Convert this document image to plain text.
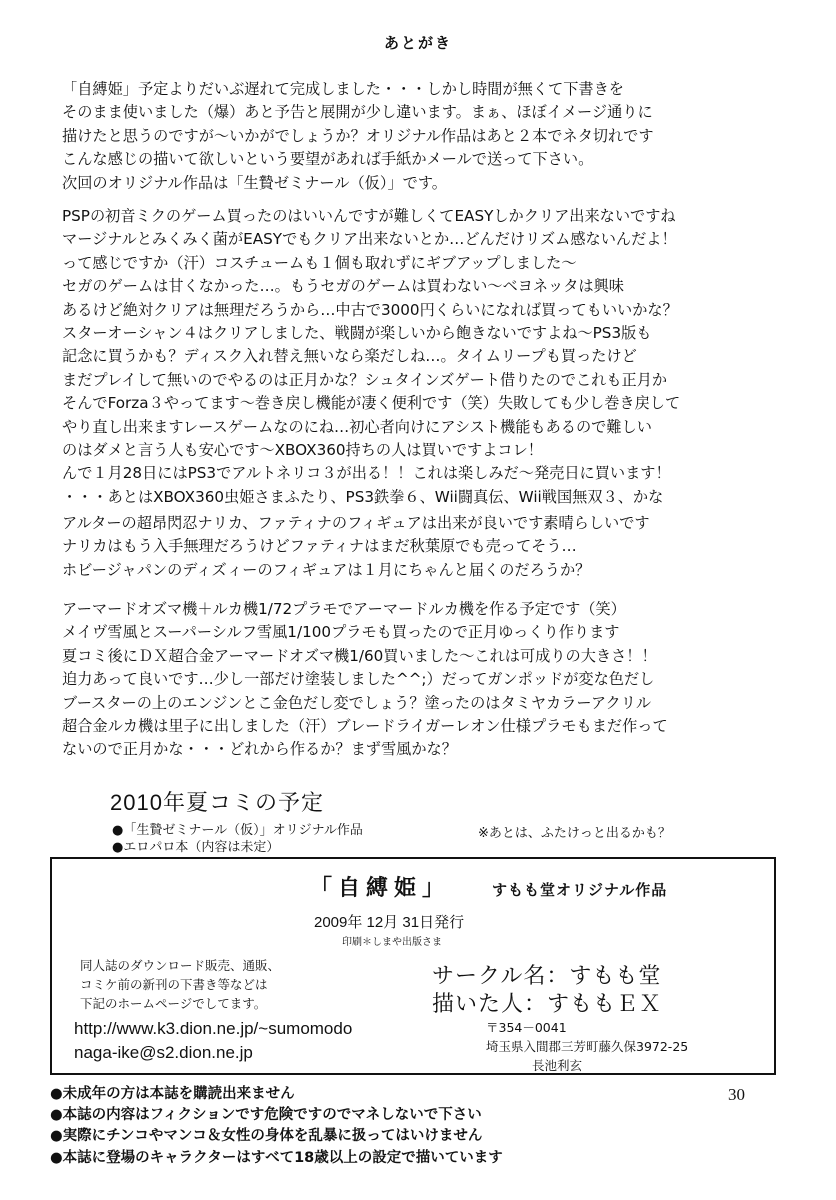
あとがき
「自縛姫」予定よりだいぶ遅れて完成しました・・・しかし時間が無くて下書きを
そのまま使いました（爆）あと予告と展開が少し違います。まぁ、ほぼイメージ通りに
描けたと思うのですが～いかがでしょうか？オリジナル作品はあと２本でネタ切れです
こんな感じの描いて欲しいという要望があれば手紙かメールで送って下さい。
次回のオリジナル作品は「生贄ゼミナール（仮）」です。
PSPの初音ミクのゲーム買ったのはいいんですが難しくてEASYしかクリア出来ないですね
マージナルとみくみく菌がEASYでもクリア出来ないとか…どんだけリズム感ないんだよ！
って感じですか（汗）コスチュームも１個も取れずにギブアップしました～
セガのゲームは甘くなかった…。もうセガのゲームは買わない～ベヨネッタは興味
あるけど絶対クリアは無理だろうから…中古で3000円くらいになれば買ってもいいかな？
スターオーシャン４はクリアしました、戦闘が楽しいから飽きないですよね～PS3版も
記念に買うかも？ディスク入れ替え無いなら楽だしね…。タイムリープも買ったけど
まだプレイして無いのでやるのは正月かな？シュタインズゲート借りたのでこれも正月か
そんでForza３やってます～巻き戻し機能が凄く便利です（笑）失敗しても少し巻き戻して
やり直し出来ますレースゲームなのにね…初心者向けにアシスト機能もあるので難しい
のはダメと言う人も安心です～XBOX360持ちの人は買いですよコレ！
んで１月28日にはPS3でアルトネリコ３が出る！！これは楽しみだ～発売日に買います！
・・・あとはXBOX360虫姫さまふたり、PS3鉄拳６、Wii闘真伝、Wii戦国無双３、かな
アルターの超昂閃忍ナリカ、ファティナのフィギュアは出来が良いです素晴らしいです
ナリカはもう入手無理だろうけどファティナはまだ秋葉原でも売ってそう…
ホビージャパンのディズィーのフィギュアは１月にちゃんと届くのだろうか？
アーマードオズマ機＋ルカ機1/72プラモでアーマードルカ機を作る予定です（笑）
メイヴ雪風とスーパーシルフ雪風1/100プラモも買ったので正月ゆっくり作ります
夏コミ後にＤＸ超合金アーマードオズマ機1/60買いました～これは可成りの大きさ！！
迫力あって良いです…少し一部だけ塗装しました^^;）だってガンポッドが変な色だし
ブースターの上のエンジンとこ金色だし変でしょう？塗ったのはタミヤカラーアクリル
超合金ルカ機は里子に出しました（汗）ブレードライガーレオン仕様プラモもまだ作って
ないので正月かな・・・どれから作るか？まず雪風かな？
2010年夏コミの予定
●「生贄ゼミナール（仮）」オリジナル作品
●エロパロ本（内容は未定）
※あとは、ふたけっと出るかも？
「自縛姫」	すもも堂オリジナル作品
2009年 12月 31日発行
印刷＊しまや出版さま
同人誌のダウンロード販売、通販、
コミケ前の新刊の下書き等などは
下記のホームページでしてます。
サークル名：すもも堂
描いた人：すももＥＸ
http://www.k3.dion.ne.jp/~sumomodo
naga-ike@s2.dion.ne.jp
〒354－0041
埼玉県入間郡三芳町藤久保3972-25
長池利玄
30
●未成年の方は本誌を購読出来ません
●本誌の内容はフィクションです危険ですのでマネしないで下さい
●実際にチンコやマンコ＆女性の身体を乱暴に扱ってはいけません
●本誌に登場のキャラクターはすべて18歳以上の設定で描いています
